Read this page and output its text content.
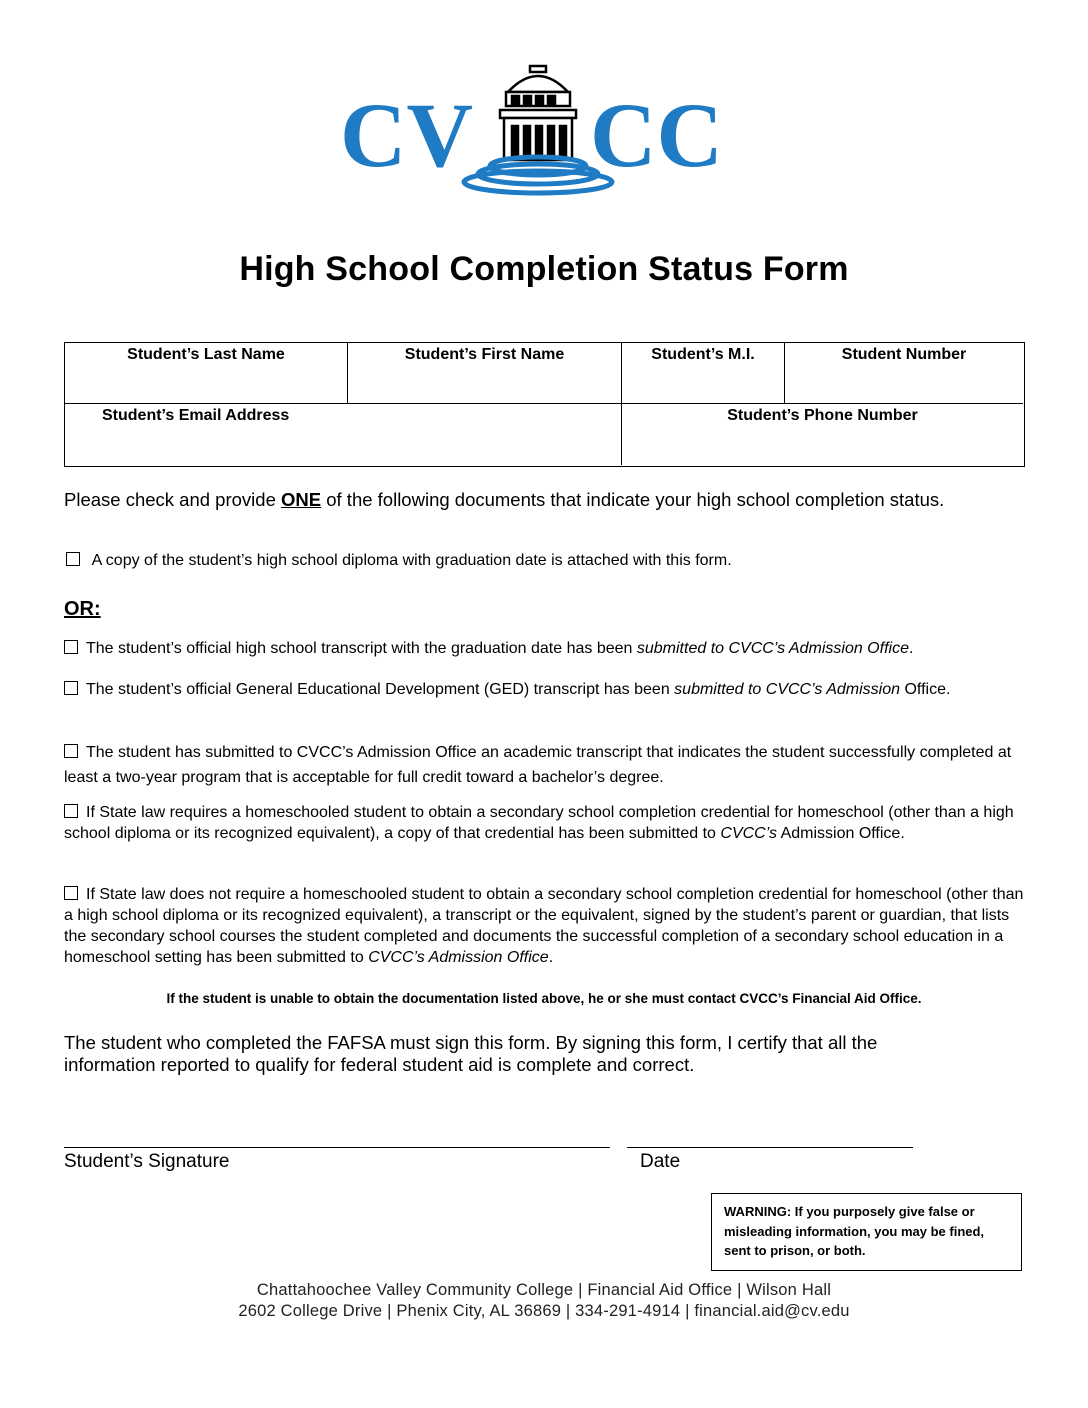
CV CC
High School Completion Status Form
Student’s Last Name	Student’s First Name	Student’s M.I.	Student Number
Student’s Email Address	Student’s Phone Number
Please check and provide ONE of the following documents that indicate your high school completion status.
A copy of the student’s high school diploma with graduation date is attached with this form.
OR:
The student’s official high school transcript with the graduation date has been submitted to CVCC’s Admission Office.
The student’s official General Educational Development (GED) transcript has been submitted to CVCC’s Admission Office.
The student has submitted to CVCC’s Admission Office an academic transcript that indicates the student successfully completed at least a two-year program that is acceptable for full credit toward a bachelor’s degree.
If State law requires a homeschooled student to obtain a secondary school completion credential for homeschool (other than a high school diploma or its recognized equivalent), a copy of that credential has been submitted to CVCC’s Admission Office.
If State law does not require a homeschooled student to obtain a secondary school completion credential for homeschool (other than a high school diploma or its recognized equivalent), a transcript or the equivalent, signed by the student’s parent or guardian, that lists the secondary school courses the student completed and documents the successful completion of a secondary school education in a homeschool setting has been submitted to CVCC’s Admission Office.
If the student is unable to obtain the documentation listed above, he or she must contact CVCC’s Financial Aid Office.
The student who completed the FAFSA must sign this form. By signing this form, I certify that all the information reported to qualify for federal student aid is complete and correct.
Student’s Signature	Date
WARNING: If you purposely give false or misleading information, you may be fined, sent to prison, or both.
Chattahoochee Valley Community College | Financial Aid Office | Wilson Hall
2602 College Drive | Phenix City, AL 36869 | 334-291-4914 | financial.aid@cv.edu
